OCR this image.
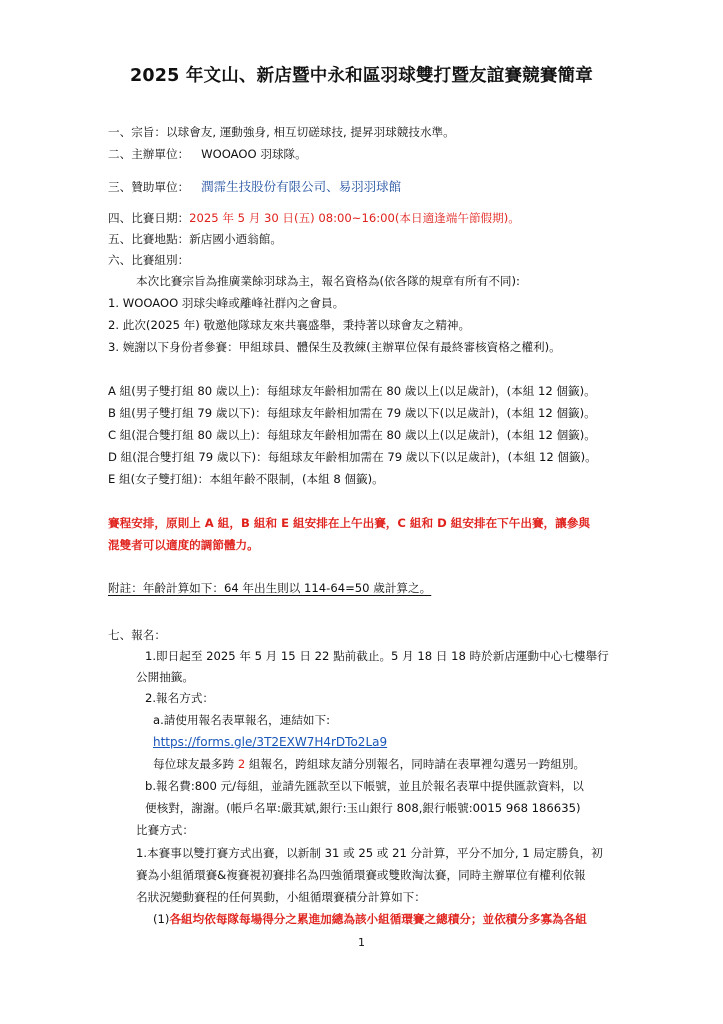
2025 年文山、新店暨中永和區羽球雙打暨友誼賽競賽簡章
一、宗旨：以球會友, 運動強身, 相互切磋球技, 提昇羽球競技水準。
二、主辦單位： WOOAOO 羽球隊。
三、贊助單位： 潤霈生技股份有限公司、易羽羽球館
四、比賽日期：2025 年 5 月 30 日(五) 08:00~16:00(本日適逢端午節假期)。
五、比賽地點：新店國小迺翁館。
六、比賽組別：
本次比賽宗旨為推廣業餘羽球為主，報名資格為(依各隊的規章有所有不同):
1. WOOAOO 羽球尖峰或離峰社群內之會員。
2. 此次(2025 年) 敬邀他隊球友來共襄盛舉，秉持著以球會友之精神。
3. 婉謝以下身份者參賽：甲組球員、體保生及教練(主辦單位保有最終審核資格之權利)。
A 組(男子雙打組 80 歲以上)：每組球友年齡相加需在 80 歲以上(以足歲計)，(本組 12 個籤)。
B 組(男子雙打組 79 歲以下)：每組球友年齡相加需在 79 歲以下(以足歲計)，(本組 12 個籤)。
C 組(混合雙打組 80 歲以上)：每組球友年齡相加需在 80 歲以上(以足歲計)，(本組 12 個籤)。
D 組(混合雙打組 79 歲以下)：每組球友年齡相加需在 79 歲以下(以足歲計)，(本組 12 個籤)。
E 組(女子雙打組)：本組年齡不限制，(本組 8 個籤)。
賽程安排，原則上 A 組，B 組和 E 組安排在上午出賽，C 組和 D 組安排在下午出賽，讓參與
混雙者可以適度的調節體力。
附註：年齡計算如下：64 年出生則以 114-64=50 歲計算之。
七、報名：
1.即日起至 2025 年 5 月 15 日 22 點前截止。5 月 18 日 18 時於新店運動中心七樓舉行
公開抽籤。
2.報名方式：
a.請使用報名表單報名，連結如下:
https://forms.gle/3T2EXW7H4rDTo2La9
每位球友最多跨 2 組報名，跨組球友請分別報名，同時請在表單裡勾選另一跨組別。
b.報名費:800 元/每組，並請先匯款至以下帳號，並且於報名表單中提供匯款資料，以
便核對，謝謝。(帳戶名單:嚴萁斌,銀行:玉山銀行 808,銀行帳號:0015 968 186635)
比賽方式：
1.本賽事以雙打賽方式出賽，以新制 31 或 25 或 21 分計算，平分不加分, 1 局定勝負，初
賽為小組循環賽&複賽視初賽排名為四強循環賽或雙敗淘汰賽，同時主辦單位有權利依報
名狀況變動賽程的任何異動，小組循環賽積分計算如下：
(1)各組均依每隊每場得分之累進加總為該小組循環賽之總積分；並依積分多寡為各組
1
